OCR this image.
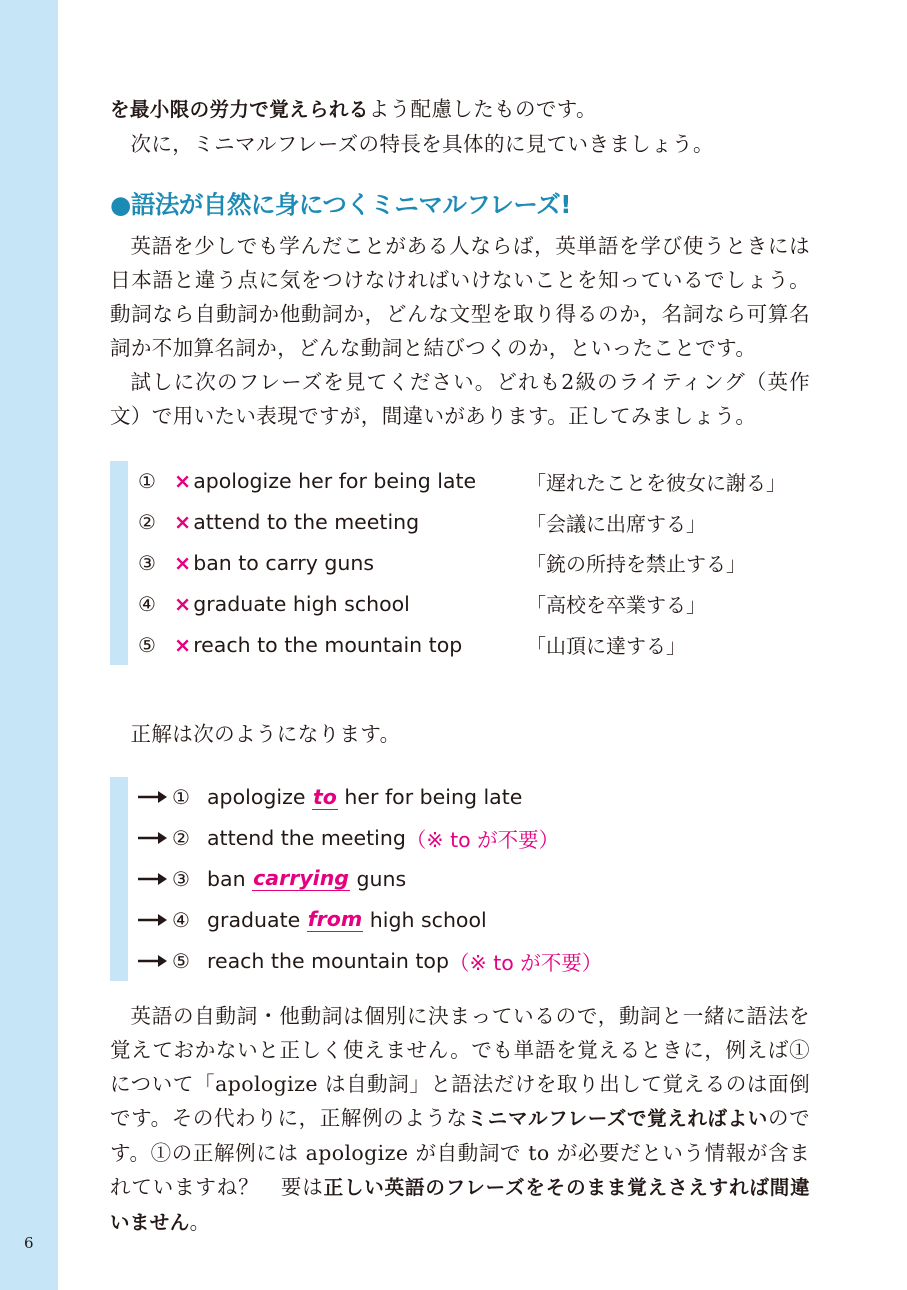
6

を最小限の労力で覚えられるよう配慮したものです。

次に，ミニマルフレーズの特長を具体的に見ていきましょう。

●語法が自然に身につくミニマルフレーズ!

英語を少しでも学んだことがある人ならば，英単語を学び使うときには日本語と違う点に気をつけなければいけないことを知っているでしょう。動詞なら自動詞か他動詞か，どんな文型を取り得るのか，名詞なら可算名詞か不加算名詞か，どんな動詞と結びつくのか，といったことです。

試しに次のフレーズを見てください。どれも2級のライティング（英作文）で用いたい表現ですが，間違いがあります。正してみましょう。

① ×apologize her for being late	「遅れたことを彼女に謝る」
② ×attend to the meeting	「会議に出席する」
③ ×ban to carry guns	「銃の所持を禁止する」
④ ×graduate high school	「高校を卒業する」
⑤ ×reach to the mountain top	「山頂に達する」

正解は次のようになります。

① apologize
to
her for being late
② attend the meeting （※ to が不要）
③ ban
carrying
guns
④ graduate
from
high school
⑤ reach the mountain top （※ to が不要）

英語の自動詞・他動詞は個別に決まっているので，動詞と一緒に語法を覚えておかないと正しく使えません。でも単語を覚えるときに，例えば①について「apologize は自動詞」と語法だけを取り出して覚えるのは面倒です。その代わりに，正解例のようなミニマルフレーズで覚えればよいのです。①の正解例には apologize が自動詞で to が必要だという情報が含まれていますね？　要は正しい英語のフレーズをそのまま覚えさえすれば間違いません。
